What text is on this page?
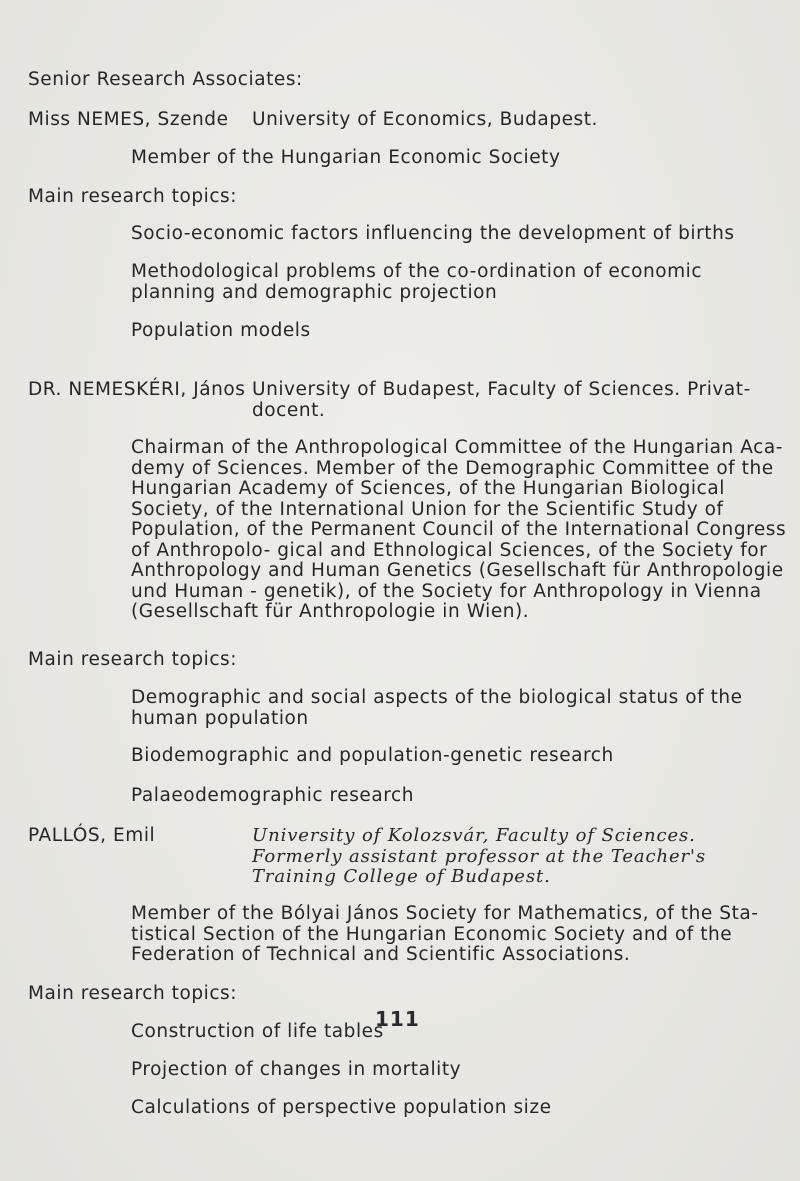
Senior Research Associates:
Miss NEMES, Szende University of Economics, Budapest.
Member of the Hungarian Economic Society
Main research topics:
Socio-economic factors influencing the development of births
Methodological problems of the co-ordination of economic planning and demographic projection
Population models
DR. NEMESKÉRI, János University of Budapest, Faculty of Sciences. Privat-docent.
Chairman of the Anthropological Committee of the Hungarian Aca- demy of Sciences. Member of the Demographic Committee of the Hungarian Academy of Sciences, of the Hungarian Biological Society, of the International Union for the Scientific Study of Population, of the Permanent Council of the International Congress of Anthropolo- gical and Ethnological Sciences, of the Society for Anthropology and Human Genetics (Gesellschaft für Anthropologie und Human - genetik), of the Society for Anthropology in Vienna (Gesellschaft für Anthropologie in Wien).
Main research topics:
Demographic and social aspects of the biological status of the human population
Biodemographic and population-genetic research
Palaeodemographic research
PALLÓS, Emil	University of Kolozsvár, Faculty of Sciences. Formerly assistant professor at the Teacher's Training College of Budapest.
Member of the Bólyai János Society for Mathematics, of the Sta- tistical Section of the Hungarian Economic Society and of the Federation of Technical and Scientific Associations.
Main research topics:
Construction of life tables
Projection of changes in mortality
Calculations of perspective population size
111
